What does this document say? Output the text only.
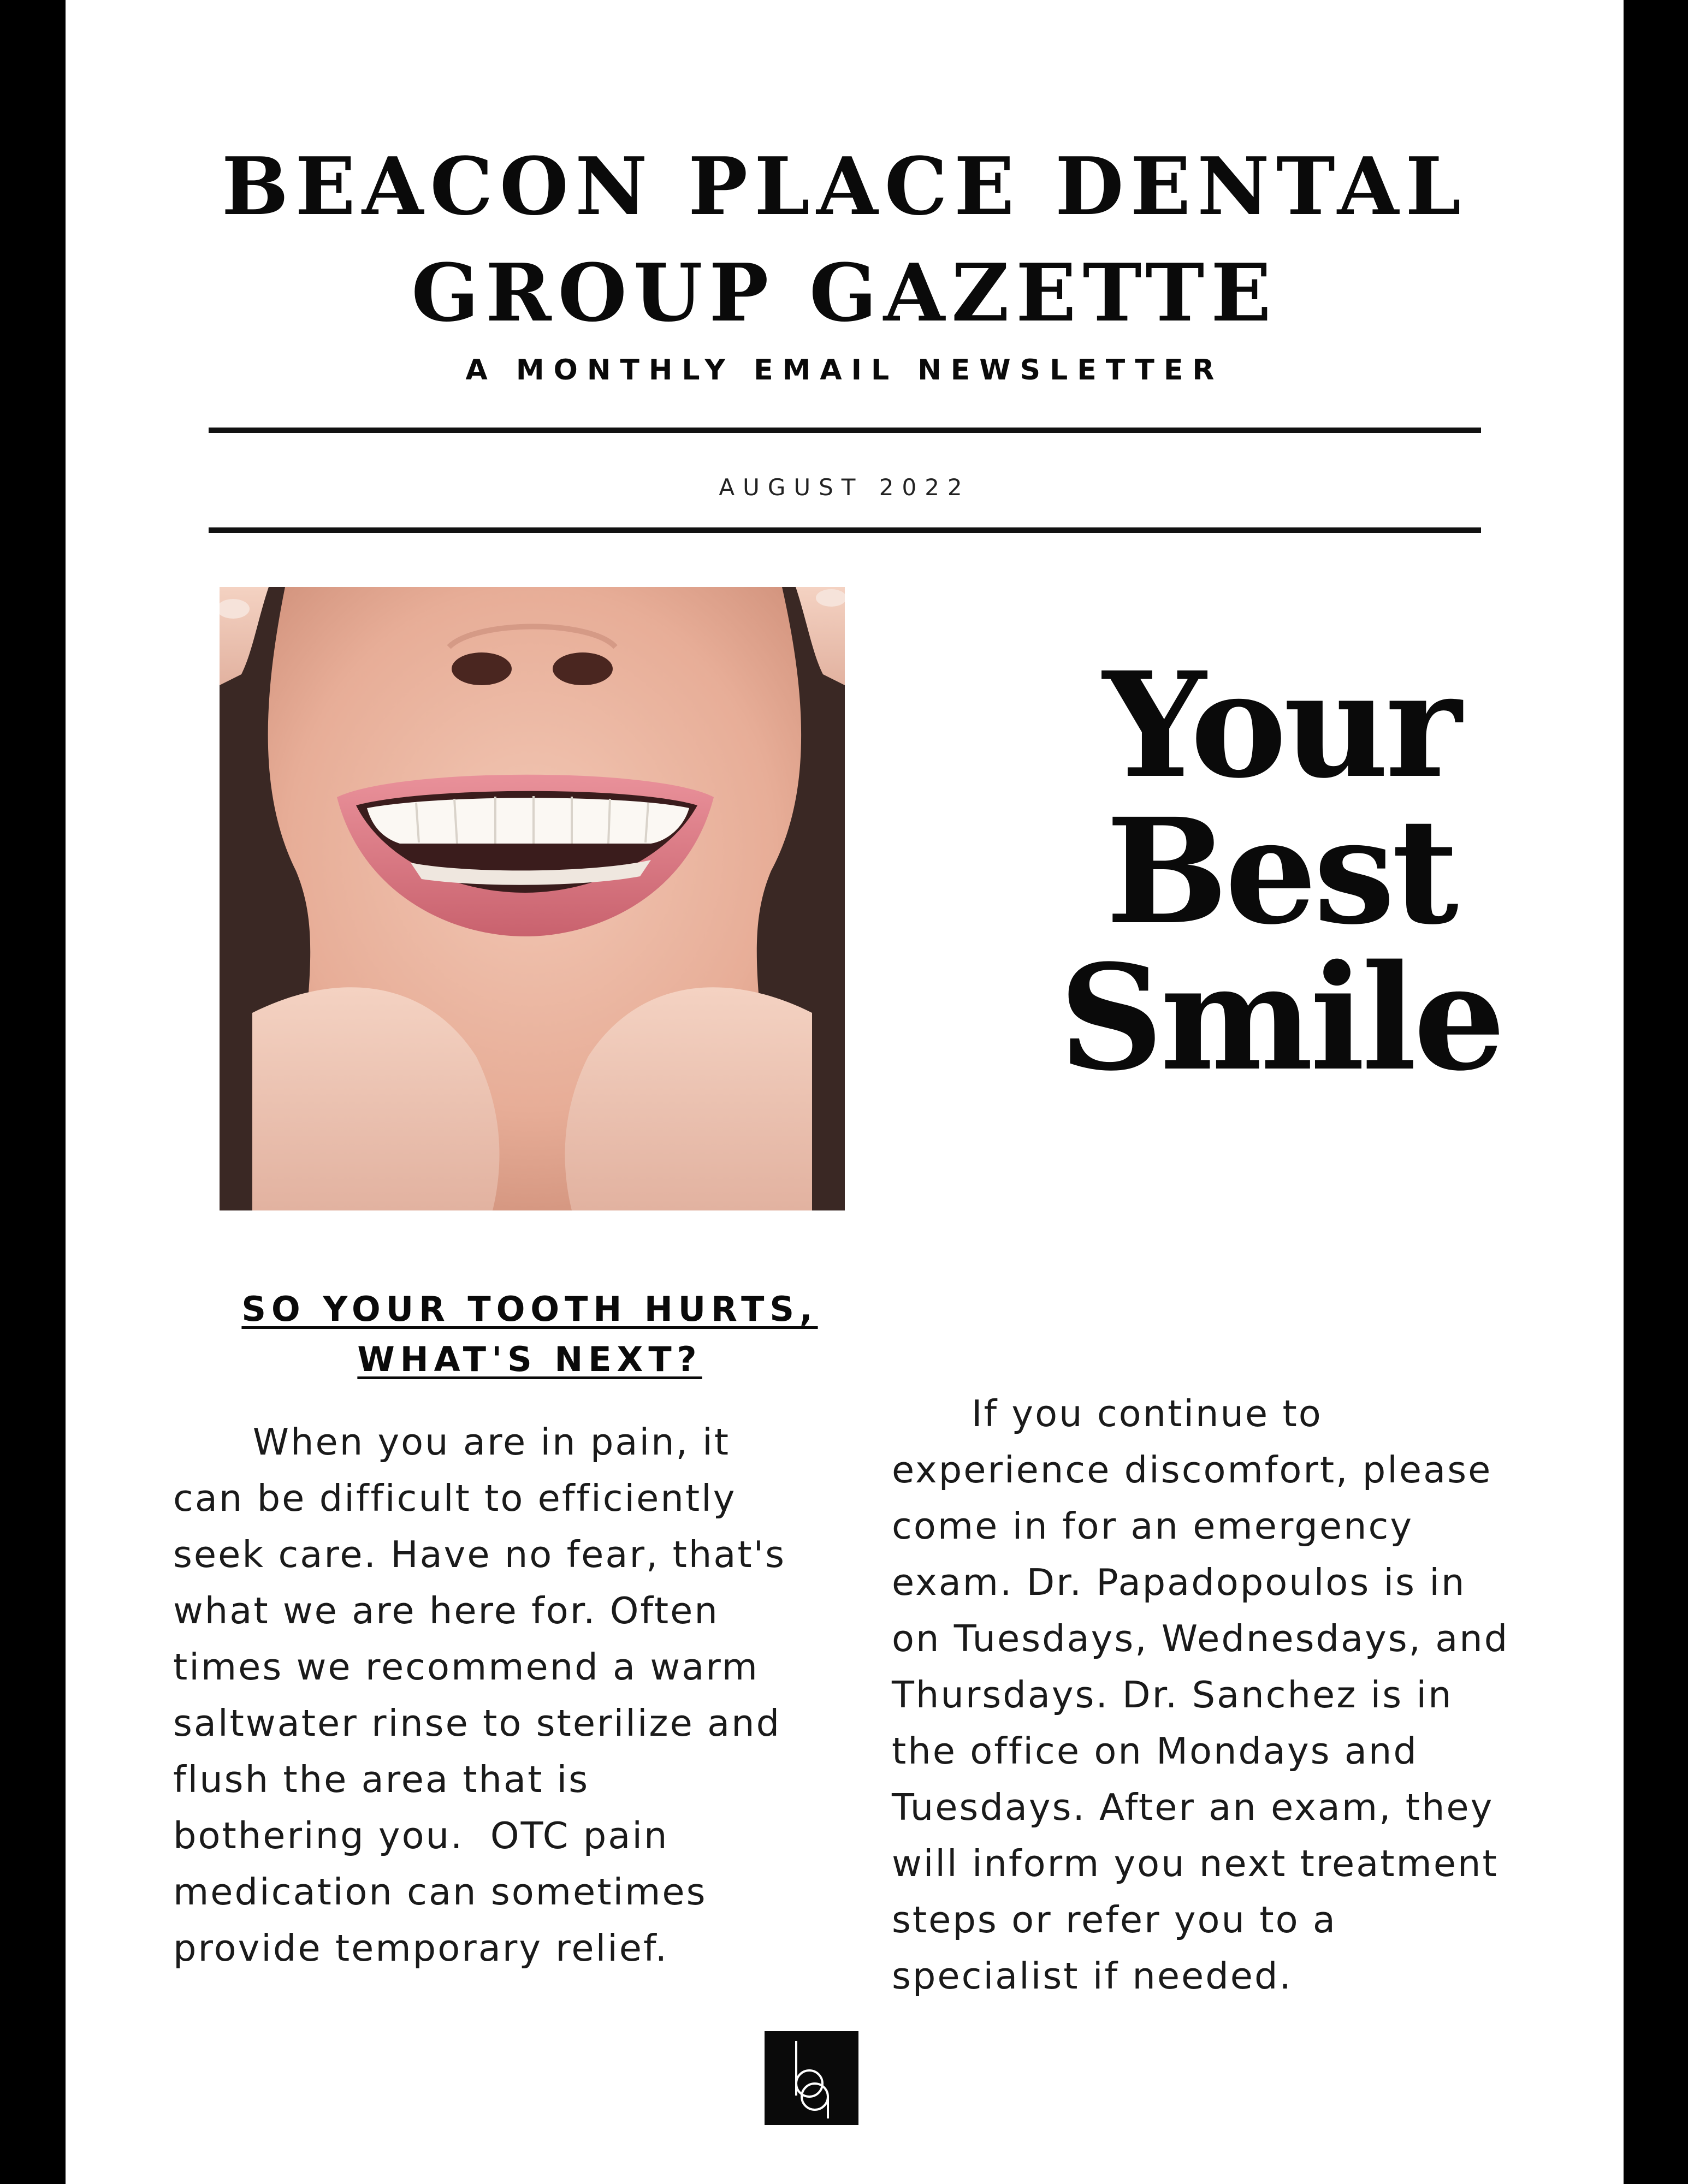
BEACON PLACE DENTAL
GROUP GAZETTE
A MONTHLY EMAIL NEWSLETTER
AUGUST 2022
Your
Best
Smile
SO YOUR TOOTH HURTS,
WHAT'S NEXT?
When you are in pain, it
can be difficult to efficiently
seek care. Have no fear, that's
what we are here for. Often
times we recommend a warm
saltwater rinse to sterilize and
flush the area that is
bothering you.  OTC pain
medication can sometimes
provide temporary relief.
If you continue to
experience discomfort, please
come in for an emergency
exam. Dr. Papadopoulos is in
on Tuesdays, Wednesdays, and
Thursdays. Dr. Sanchez is in
the office on Mondays and
Tuesdays. After an exam, they
will inform you next treatment
steps or refer you to a
specialist if needed.
